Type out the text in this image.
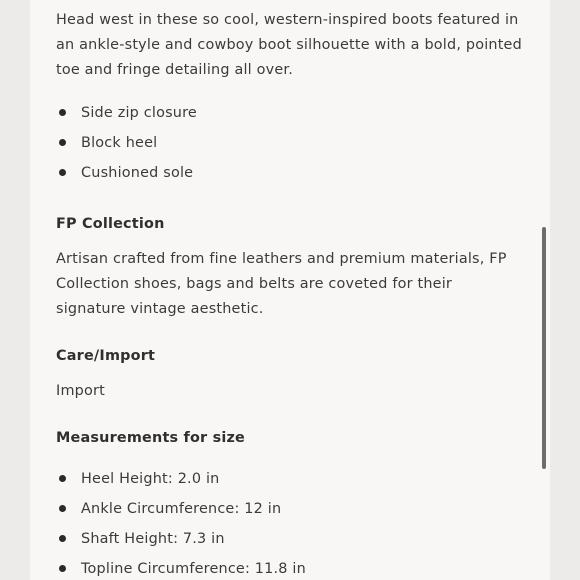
Head west in these so cool, western-inspired boots featured in an ankle-style and cowboy boot silhouette with a bold, pointed toe and fringe detailing all over.

Side zip closure
Block heel
Cushioned sole
FP Collection

Artisan crafted from fine leathers and premium materials, FP Collection shoes, bags and belts are coveted for their signature vintage aesthetic.

Care/Import

Import

Measurements for size
Heel Height: 2.0 in
Ankle Circumference: 12 in
Shaft Height: 7.3 in
Topline Circumference: 11.8 in
